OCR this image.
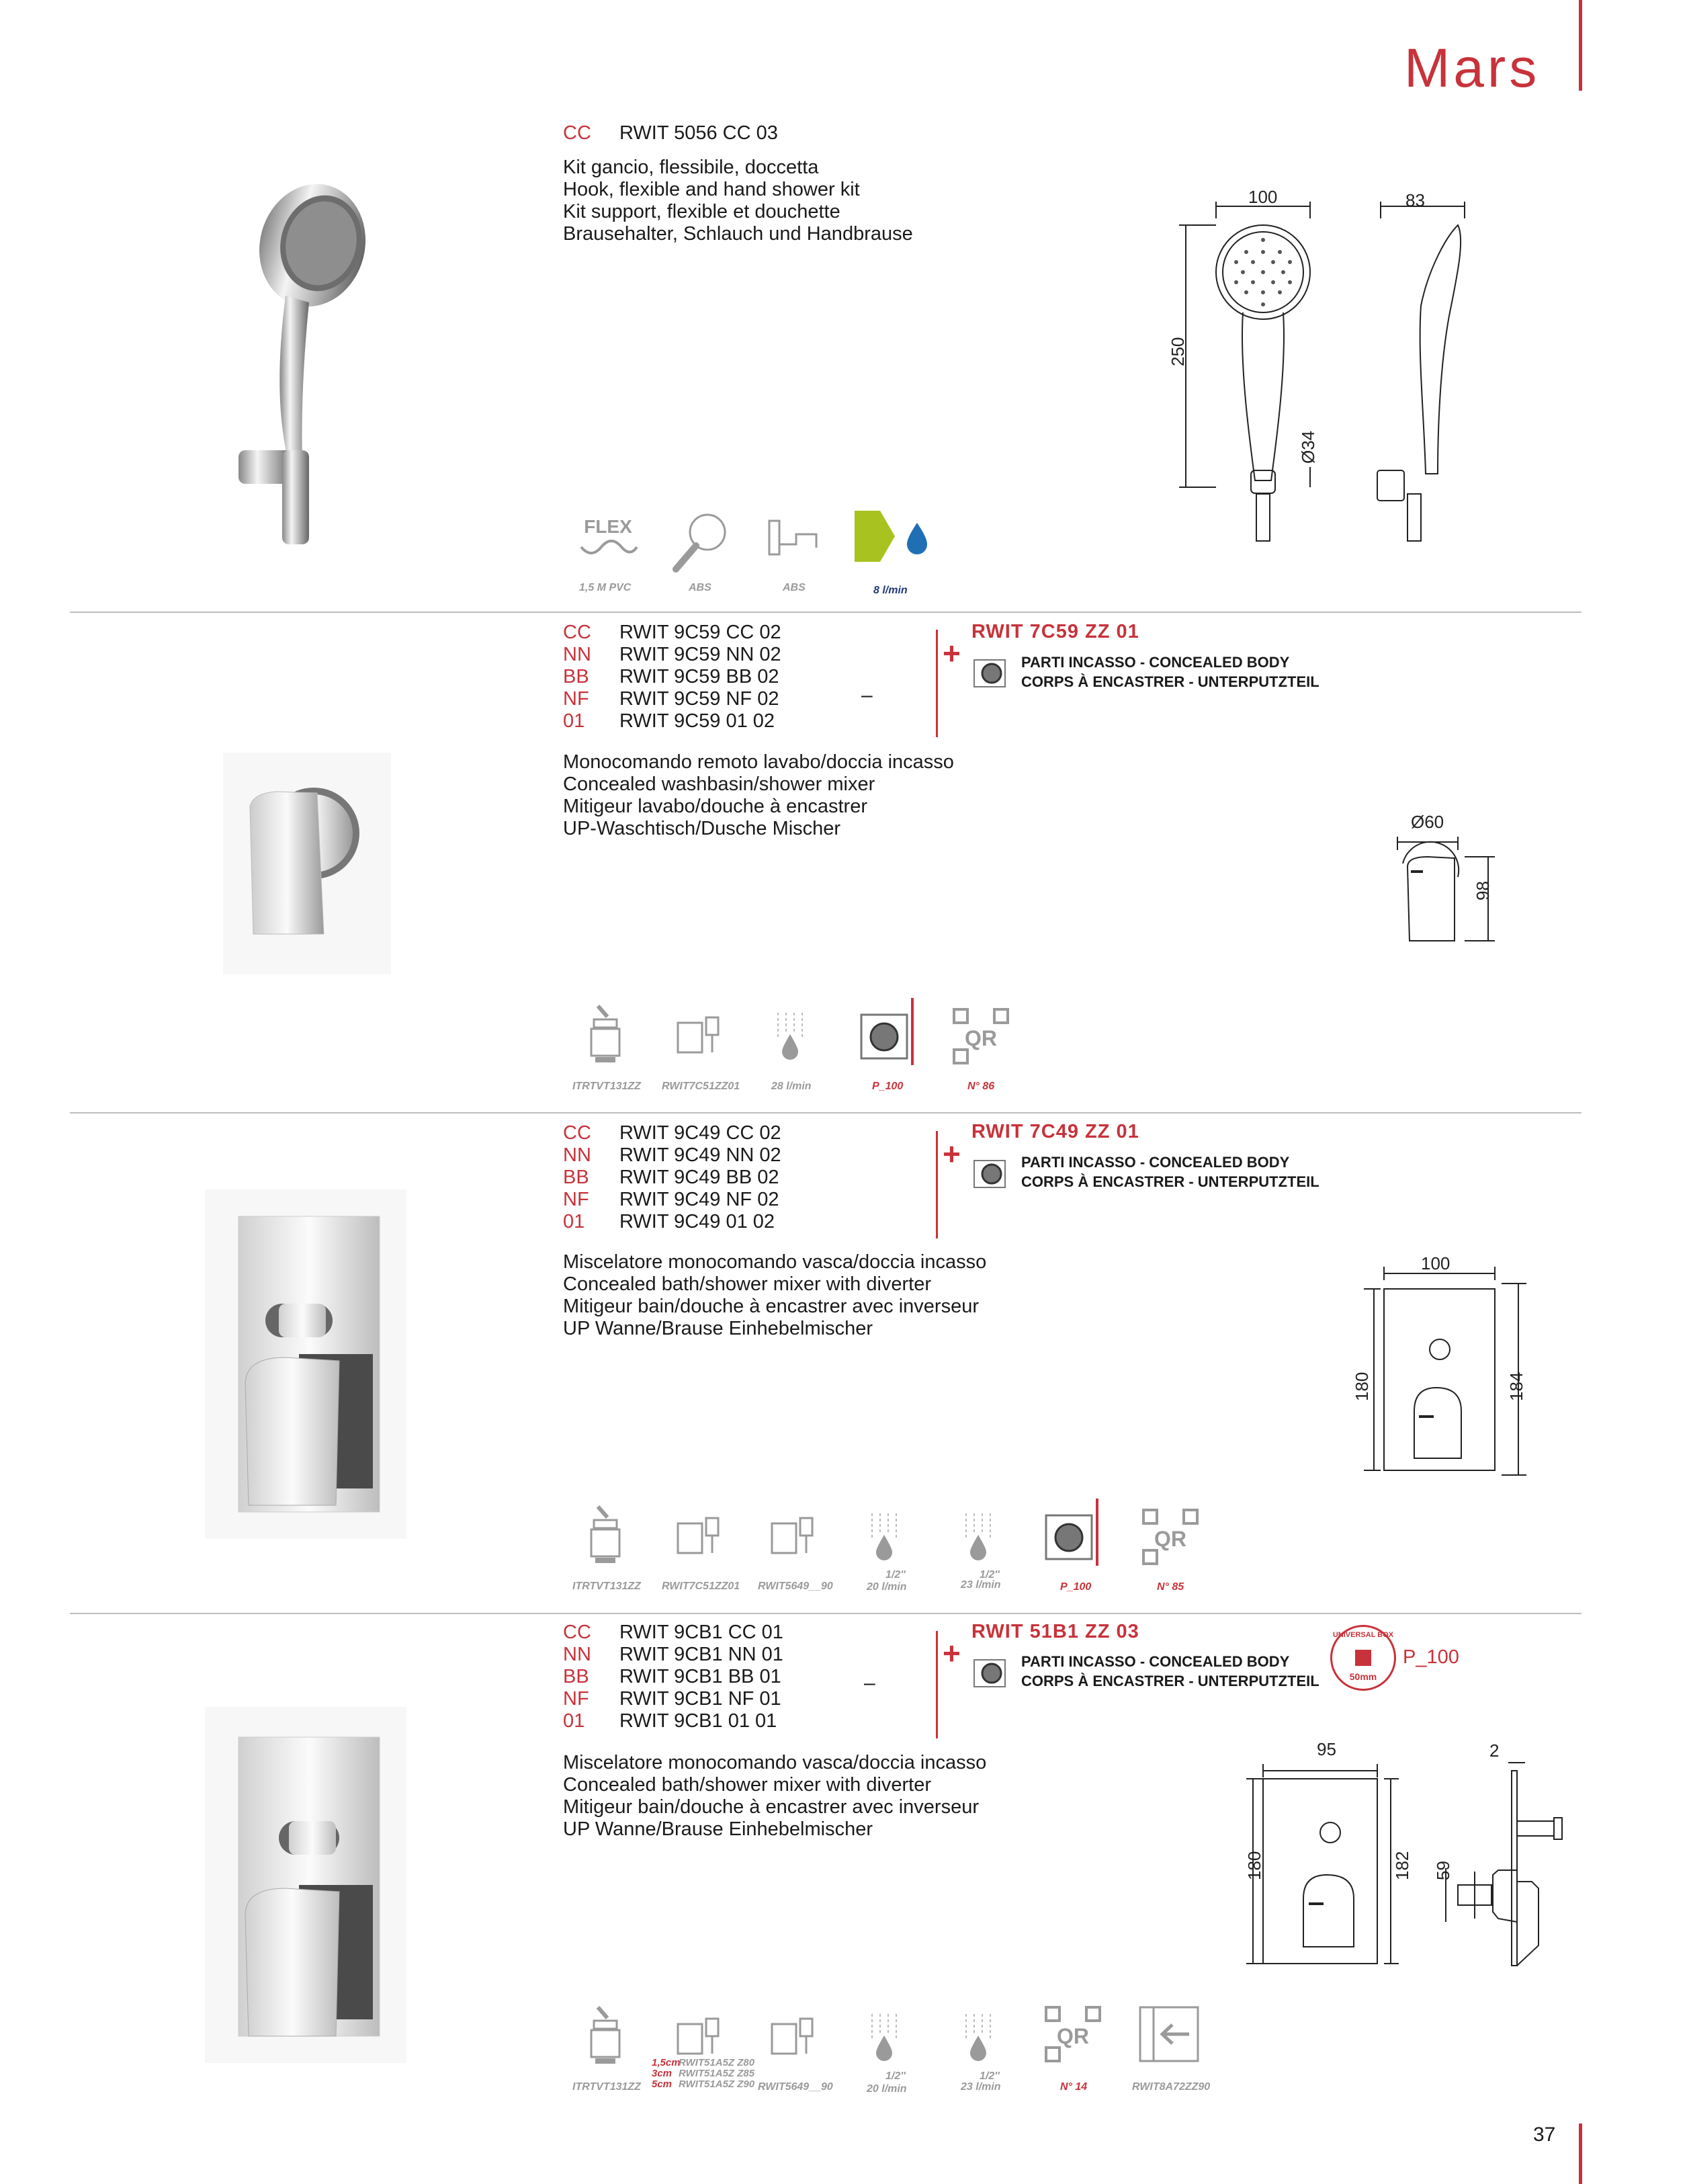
Mars
CC	RWIT 5056 CC 03
Kit gancio, flessibile, doccetta
Hook, flexible and hand shower kit
Kit support, flexible et douchette
Brausehalter, Schlauch und Handbrause
100	83
250
Ø34
FLEX
1,5 M PVC	ABS	ABS	8 l/min
CC	RWIT 9C59 CC 02
NN	RWIT 9C59 NN 02
BB	RWIT 9C59 BB 02
NF	RWIT 9C59 NF 02
01	RWIT 9C59 01 02
–
+
RWIT 7C59 ZZ 01
PARTI INCASSO - CONCEALED BODY
CORPS À ENCASTRER - UNTERPUTZTEIL
Monocomando remoto lavabo/doccia incasso
Concealed washbasin/shower mixer
Mitigeur lavabo/douche à encastrer
UP-Waschtisch/Dusche Mischer	Ø60
98
QR
ITRTVT131ZZ RWIT7C51ZZ01	28 l/min	P_100	N° 86
CC	RWIT 9C49 CC 02
NN	RWIT 9C49 NN 02
BB	RWIT 9C49 BB 02
NF	RWIT 9C49 NF 02
01	RWIT 9C49 01 02
+
RWIT 7C49 ZZ 01
PARTI INCASSO - CONCEALED BODY
CORPS À ENCASTRER - UNTERPUTZTEIL
Miscelatore monocomando vasca/doccia incasso
Concealed bath/shower mixer with diverter
Mitigeur bain/douche à encastrer avec inverseur
UP Wanne/Brause Einhebelmischer
100
180	184
QR
ITRTVT131ZZ RWIT7C51ZZ01 RWIT5649__90
1/2''
20 l/min
1/2''
23 l/min	P_100	N° 85
CC	RWIT 9CB1 CC 01
NN	RWIT 9CB1 NN 01
BB	RWIT 9CB1 BB 01
NF	RWIT 9CB1 NF 01
01	RWIT 9CB1 01 01
–
+
RWIT 51B1 ZZ 03
PARTI INCASSO - CONCEALED BODY
CORPS À ENCASTRER - UNTERPUTZTEIL
UNIVERSAL BOX
50mm
P_100
Miscelatore monocomando vasca/doccia incasso
Concealed bath/shower mixer with diverter
Mitigeur bain/douche à encastrer avec inverseur
UP Wanne/Brause Einhebelmischer
95	2
180	182 59
QR
ITRTVT131ZZ
1,5cm
RWIT51A5Z Z80
3cm RWIT51A5Z Z85
5cm RWIT51A5Z Z90 RWIT5649__90
1/2''
20 l/min
1/2''
23 l/min	N° 14	RWIT8A72ZZ90
37
